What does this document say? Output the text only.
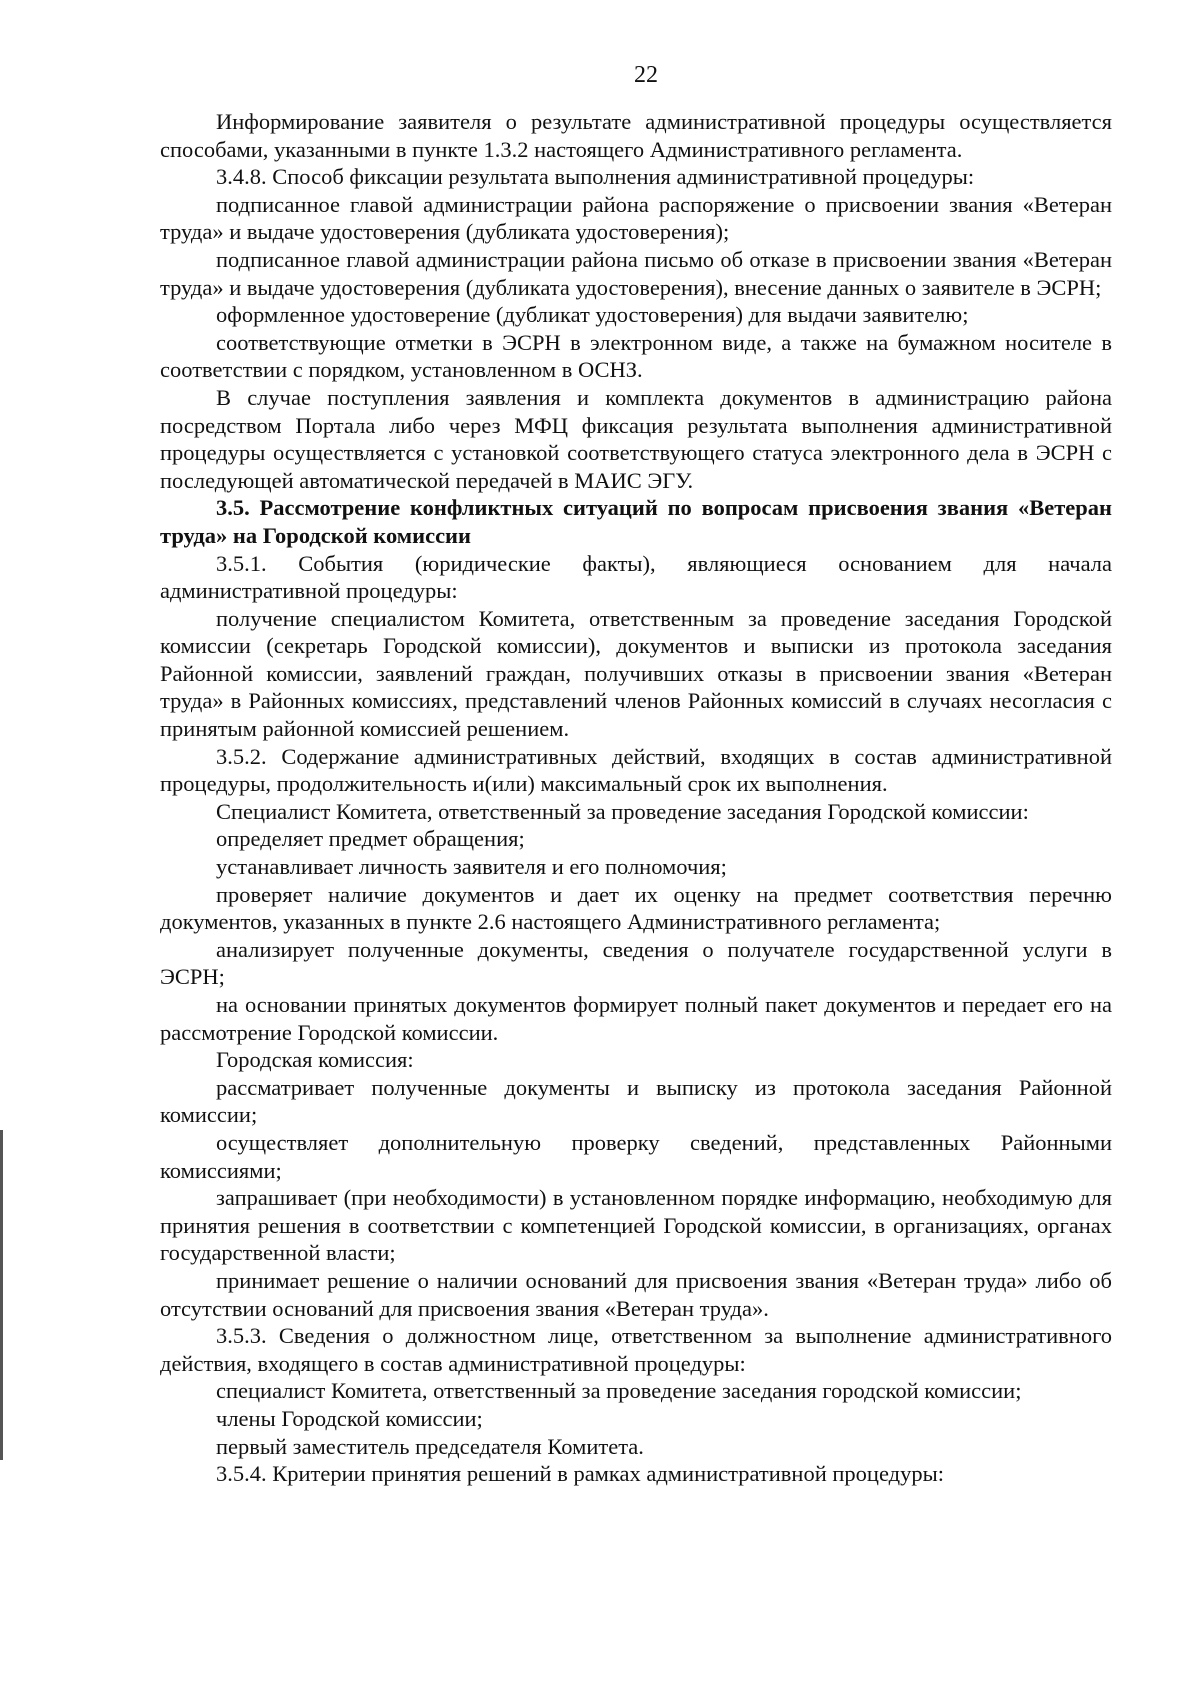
22

Информирование заявителя о результате административной процедуры осуществляется способами, указанными в пункте 1.3.2 настоящего Административного регламента.

3.4.8. Способ фиксации результата выполнения административной процедуры:

подписанное главой администрации района распоряжение о присвоении звания «Ветеран труда» и выдаче удостоверения (дубликата удостоверения);

подписанное главой администрации района письмо об отказе в присвоении звания «Ветеран труда» и выдаче удостоверения (дубликата удостоверения), внесение данных о заявителе в ЭСРН;

оформленное удостоверение (дубликат удостоверения) для выдачи заявителю;

соответствующие отметки в ЭСРН в электронном виде, а также на бумажном носителе в соответствии с порядком, установленном в ОСНЗ.

В случае поступления заявления и комплекта документов в администрацию района посредством Портала либо через МФЦ фиксация результата выполнения административной процедуры осуществляется с установкой соответствующего статуса электронного дела в ЭСРН с последующей автоматической передачей в МАИС ЭГУ.

3.5. Рассмотрение конфликтных ситуаций по вопросам присвоения звания «Ветеран труда» на Городской комиссии

3.5.1. События (юридические факты), являющиеся основанием для начала административной процедуры:

получение специалистом Комитета, ответственным за проведение заседания Городской комиссии (секретарь Городской комиссии), документов и выписки из протокола заседания Районной комиссии, заявлений граждан, получивших отказы в присвоении звания «Ветеран труда» в Районных комиссиях, представлений членов Районных комиссий в случаях несогласия с принятым районной комиссией решением.

3.5.2. Содержание административных действий, входящих в состав административной процедуры, продолжительность и(или) максимальный срок их выполнения.

Специалист Комитета, ответственный за проведение заседания Городской комиссии:

определяет предмет обращения;

устанавливает личность заявителя и его полномочия;

проверяет наличие документов и дает их оценку на предмет соответствия перечню документов, указанных в пункте 2.6 настоящего Административного регламента;

анализирует полученные документы, сведения о получателе государственной услуги в ЭСРН;

на основании принятых документов формирует полный пакет документов и передает его на рассмотрение Городской комиссии.

Городская комиссия:

рассматривает полученные документы и выписку из протокола заседания Районной комиссии;

осуществляет дополнительную проверку сведений, представленных Районными комиссиями;

запрашивает (при необходимости) в установленном порядке информацию, необходимую для принятия решения в соответствии с компетенцией Городской комиссии, в организациях, органах государственной власти;

принимает решение о наличии оснований для присвоения звания «Ветеран труда» либо об отсутствии оснований для присвоения звания «Ветеран труда».

3.5.3. Сведения о должностном лице, ответственном за выполнение административного действия, входящего в состав административной процедуры:

специалист Комитета, ответственный за проведение заседания городской комиссии;

члены Городской комиссии;

первый заместитель председателя Комитета.

3.5.4. Критерии принятия решений в рамках административной процедуры:
